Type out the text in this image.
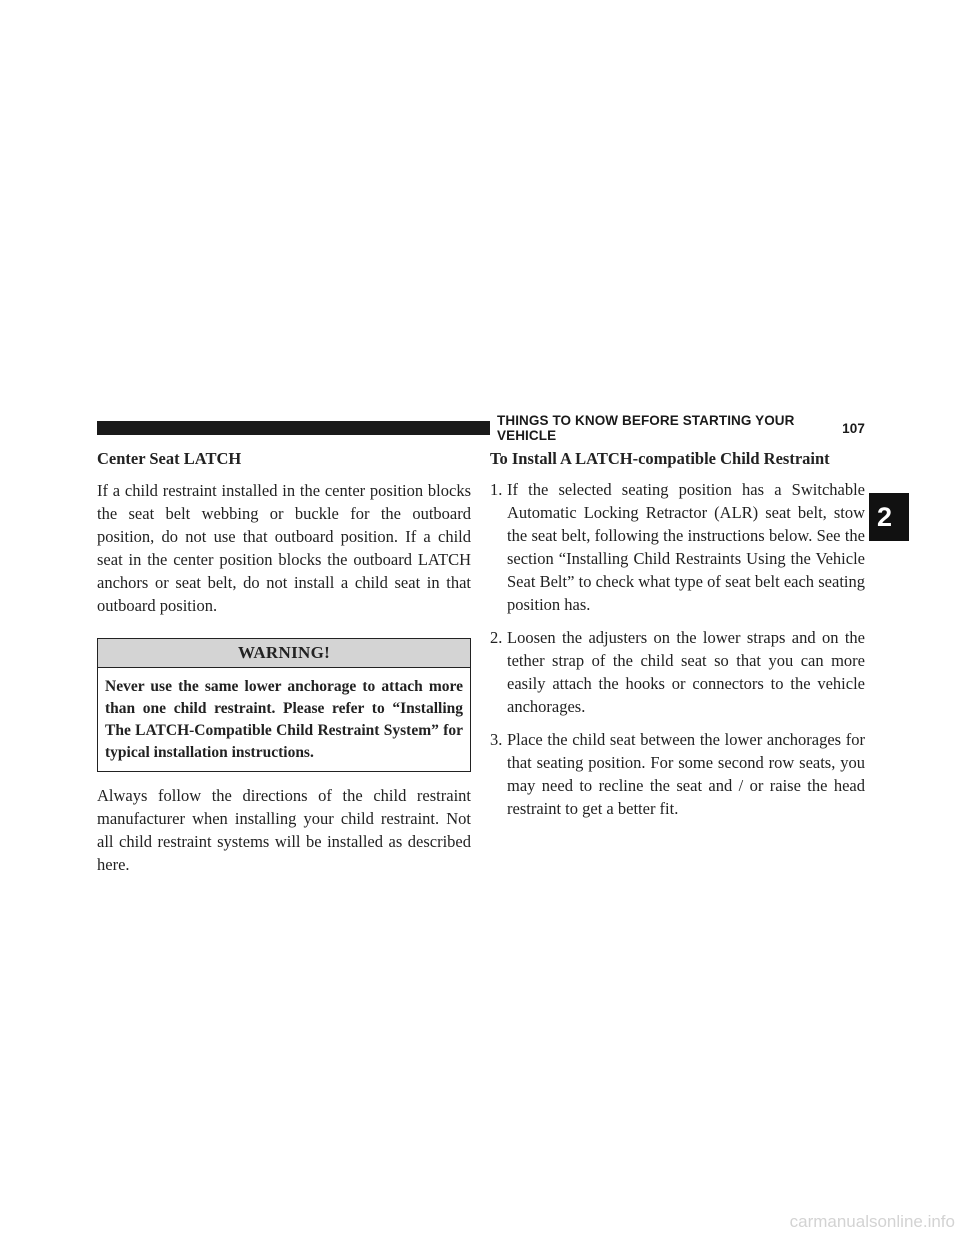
THINGS TO KNOW BEFORE STARTING YOUR VEHICLE	107
2
Center Seat LATCH

If a child restraint installed in the center position blocks the seat belt webbing or buckle for the outboard position, do not use that outboard position. If a child seat in the center position blocks the outboard LATCH anchors or seat belt, do not install a child seat in that outboard position.

WARNING!
Never use the same lower anchorage to attach more than one child restraint. Please refer to “Installing The LATCH-Compatible Child Restraint System” for typical installation instructions.

Always follow the directions of the child restraint manufacturer when installing your child restraint. Not all child restraint systems will be installed as described here.

To Install A LATCH-compatible Child Restraint
1. If the selected seating position has a Switchable Automatic Locking Retractor (ALR) seat belt, stow the seat belt, following the instructions below. See the section “Installing Child Restraints Using the Vehicle Seat Belt” to check what type of seat belt each seating position has.
2. Loosen the adjusters on the lower straps and on the tether strap of the child seat so that you can more easily attach the hooks or connectors to the vehicle anchorages.
3. Place the child seat between the lower anchorages for that seating position. For some second row seats, you may need to recline the seat and / or raise the head restraint to get a better fit.
carmanualsonline.info
